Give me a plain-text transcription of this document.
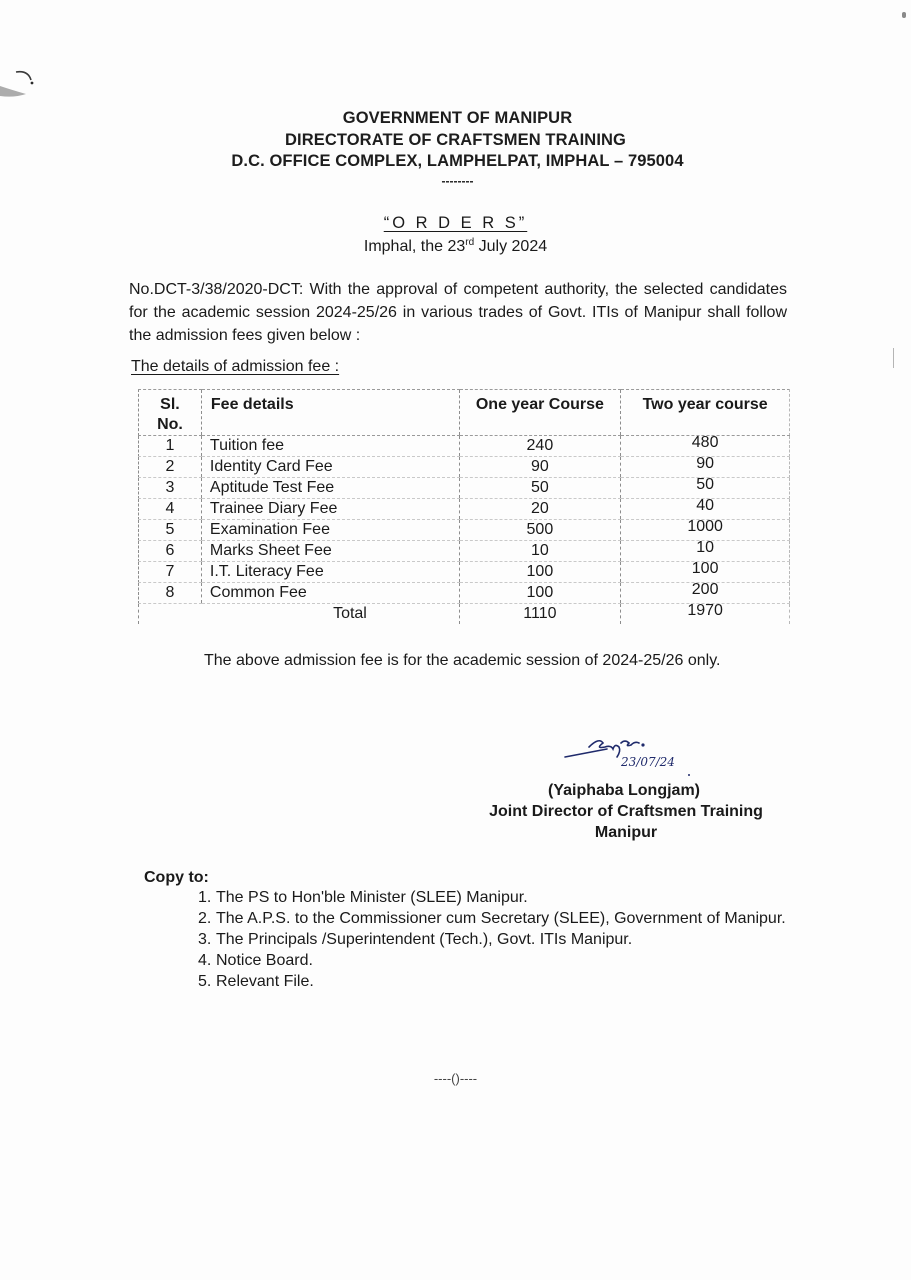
GOVERNMENT OF MANIPUR
DIRECTORATE OF CRAFTSMEN TRAINING
D.C. OFFICE COMPLEX, LAMPHELPAT, IMPHAL – 795004
--------
“O R D E R S”
Imphal, the 23rd July 2024

No.DCT-3/38/2020-DCT: With the approval of competent authority, the selected candidates for the academic session 2024-25/26 in various trades of Govt. ITIs of Manipur shall follow the admission fees given below :

The details of admission fee :
Sl.
No.	Fee details	One year Course	Two year course
1	Tuition fee	240	480
2	Identity Card Fee	90	90
3	Aptitude Test Fee	50	50
4	Trainee Diary Fee	20	40
5	Examination Fee	500	1000
6	Marks Sheet Fee	10	10
7	I.T. Literacy Fee	100	100
8	Common Fee	100	200
	Total	1110	1970
The above admission fee is for the academic session of 2024-25/26 only.
23/07/24
(Yaiphaba Longjam)
Joint Director of Craftsmen Training
Manipur
Copy to:
1. The PS to Hon'ble Minister (SLEE) Manipur.
2. The A.P.S. to the Commissioner cum Secretary (SLEE), Government of Manipur.
3. The Principals /Superintendent (Tech.), Govt. ITIs Manipur.
4. Notice Board.
5. Relevant File.
----()----
